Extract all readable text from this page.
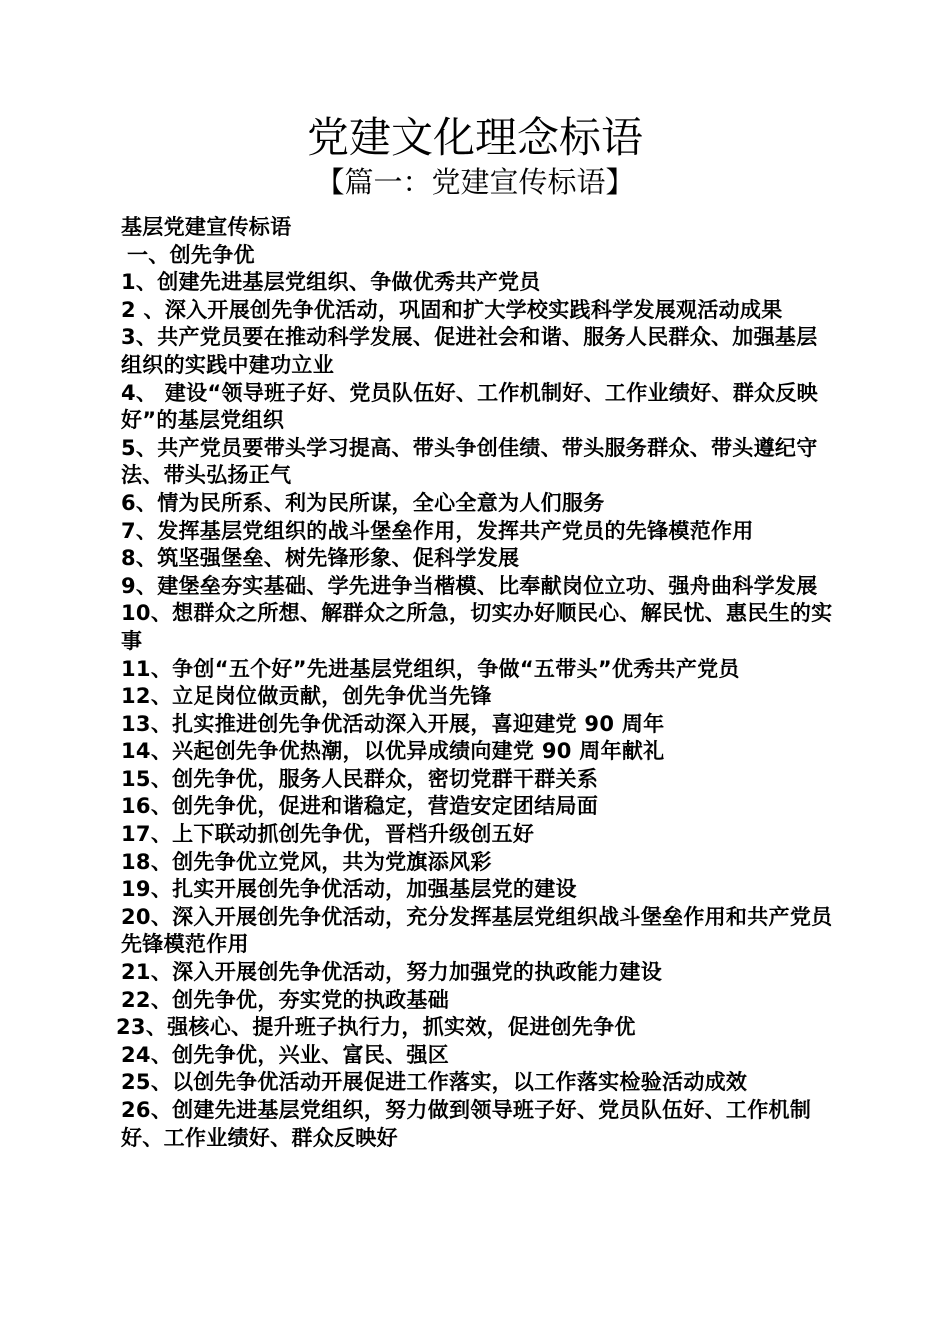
党建文化理念标语
【篇一：党建宣传标语】
基层党建宣传标语
一、创先争优
1、创建先进基层党组织、争做优秀共产党员
2 、深入开展创先争优活动，巩固和扩大学校实践科学发展观活动成果
3、共产党员要在推动科学发展、促进社会和谐、服务人民群众、加强基层组织的实践中建功立业
4、 建设“领导班子好、党员队伍好、工作机制好、工作业绩好、群众反映好”的基层党组织
5、共产党员要带头学习提高、带头争创佳绩、带头服务群众、带头遵纪守法、带头弘扬正气
6、情为民所系、利为民所谋，全心全意为人们服务
7、发挥基层党组织的战斗堡垒作用，发挥共产党员的先锋模范作用
8、筑坚强堡垒、树先锋形象、促科学发展
9、建堡垒夯实基础、学先进争当楷模、比奉献岗位立功、强舟曲科学发展
10、想群众之所想、解群众之所急，切实办好顺民心、解民忧、惠民生的实事
11、争创“五个好”先进基层党组织，争做“五带头”优秀共产党员
12、立足岗位做贡献，创先争优当先锋
13、扎实推进创先争优活动深入开展，喜迎建党 90 周年
14、兴起创先争优热潮，以优异成绩向建党 90 周年献礼
15、创先争优，服务人民群众，密切党群干群关系
16、创先争优，促进和谐稳定，营造安定团结局面
17、上下联动抓创先争优，晋档升级创五好
18、创先争优立党风，共为党旗添风彩
19、扎实开展创先争优活动，加强基层党的建设
20、深入开展创先争优活动，充分发挥基层党组织战斗堡垒作用和共产党员先锋模范作用
21、深入开展创先争优活动，努力加强党的执政能力建设
22、创先争优，夯实党的执政基础
23、强核心、提升班子执行力，抓实效，促进创先争优
24、创先争优，兴业、富民、强区
25、以创先争优活动开展促进工作落实，以工作落实检验活动成效
26、创建先进基层党组织，努力做到领导班子好、党员队伍好、工作机制好、工作业绩好、群众反映好
